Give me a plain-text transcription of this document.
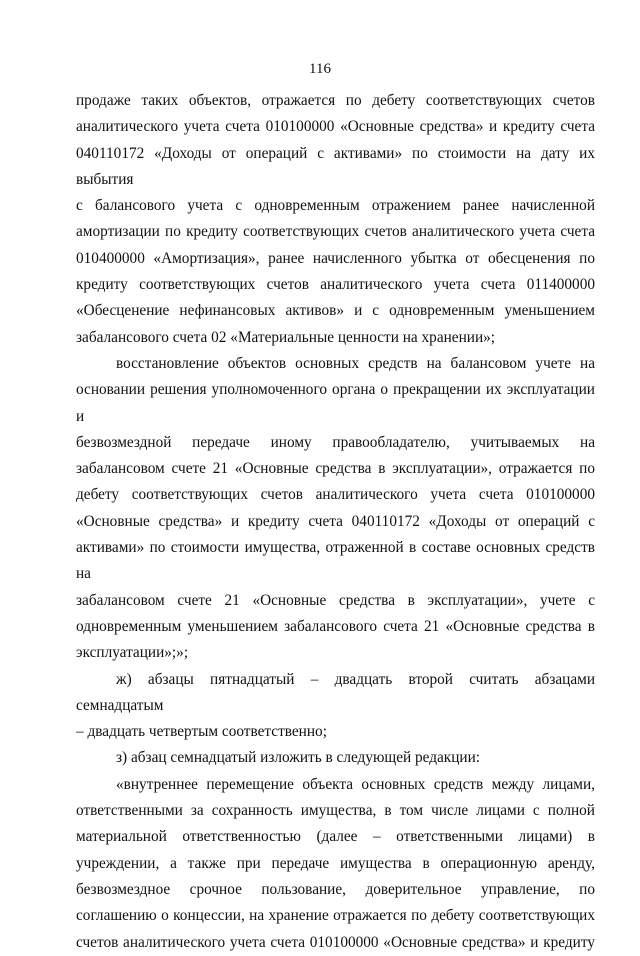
116

продаже таких объектов, отражается по дебету соответствующих счетов

аналитического учета счета 010100000 «Основные средства» и кредиту счета

040110172 «Доходы от операций с активами» по стоимости на дату их выбытия

с балансового учета с одновременным отражением ранее начисленной

амортизации по кредиту соответствующих счетов аналитического учета счета

010400000 «Амортизация», ранее начисленного убытка от обесценения по

кредиту соответствующих счетов аналитического учета счета 011400000

«Обесценение нефинансовых активов» и с одновременным уменьшением

забалансового счета 02 «Материальные ценности на хранении»;

восстановление объектов основных средств на балансовом учете на

основании решения уполномоченного органа о прекращении их эксплуатации и

безвозмездной передаче иному правообладателю, учитываемых на

забалансовом счете 21 «Основные средства в эксплуатации», отражается по

дебету соответствующих счетов аналитического учета счета 010100000

«Основные средства» и кредиту счета 040110172 «Доходы от операций с

активами» по стоимости имущества, отраженной в составе основных средств на

забалансовом счете 21 «Основные средства в эксплуатации», учете с

одновременным уменьшением забалансового счета 21 «Основные средства в

эксплуатации»;»;

ж) абзацы пятнадцатый – двадцать второй считать абзацами семнадцатым

– двадцать четвертым соответственно;

з) абзац семнадцатый изложить в следующей редакции:

«внутреннее перемещение объекта основных средств между лицами,

ответственными за сохранность имущества, в том числе лицами с полной

материальной ответственностью (далее – ответственными лицами) в

учреждении, а также при передаче имущества в операционную аренду,

безвозмездное срочное пользование, доверительное управление, по

соглашению о концессии, на хранение отражается по дебету соответствующих

счетов аналитического учета счета 010100000 «Основные средства» и кредиту
